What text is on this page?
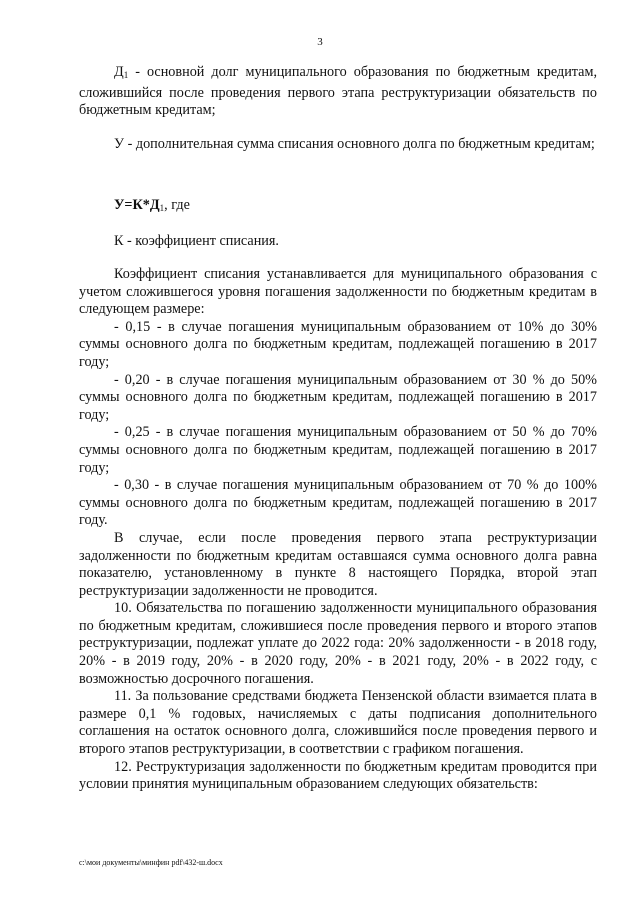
3
$Д_1$ - основной долг муниципального образования по бюджетным кредитам, сложившийся после проведения первого этапа реструктуризации обязательств по бюджетным кредитам;
У - дополнительная сумма списания основного долга по бюджетным кредитам;
$У=К*Д_1$, где
К - коэффициент списания.

Коэффициент списания устанавливается для муниципального образования с учетом сложившегося уровня погашения задолженности по бюджетным кредитам в следующем размере:

- 0,15 - в случае погашения муниципальным образованием от 10% до 30% суммы основного долга по бюджетным кредитам, подлежащей погашению в 2017 году;

- 0,20 - в случае погашения муниципальным образованием от 30 % до 50% суммы основного долга по бюджетным кредитам, подлежащей погашению в 2017 году;

- 0,25 - в случае погашения муниципальным образованием от 50 % до 70% суммы основного долга по бюджетным кредитам, подлежащей погашению в 2017 году;

- 0,30 - в случае погашения муниципальным образованием от 70 % до 100% суммы основного долга по бюджетным кредитам, подлежащей погашению в 2017 году.

В случае, если после проведения первого этапа реструктуризации задолженности по бюджетным кредитам оставшаяся сумма основного долга равна показателю, установленному в пункте 8 настоящего Порядка, второй этап реструктуризации задолженности не проводится.

10. Обязательства по погашению задолженности муниципального образования по бюджетным кредитам, сложившиеся после проведения первого и второго этапов реструктуризации, подлежат уплате до 2022 года: 20% задолженности - в 2018 году, 20% - в 2019 году, 20% - в 2020 году, 20% - в 2021 году, 20% - в 2022 году, с возможностью досрочного погашения.

11. За пользование средствами бюджета Пензенской области взимается плата в размере 0,1 % годовых, начисляемых с даты подписания дополнительного соглашения на остаток основного долга, сложившийся после проведения первого и второго этапов реструктуризации, в соответствии с графиком погашения.

12. Реструктуризация задолженности по бюджетным кредитам проводится при условии принятия муниципальным образованием следующих обязательств:

c:\мои документы\минфин pdf\432-ш.docx
